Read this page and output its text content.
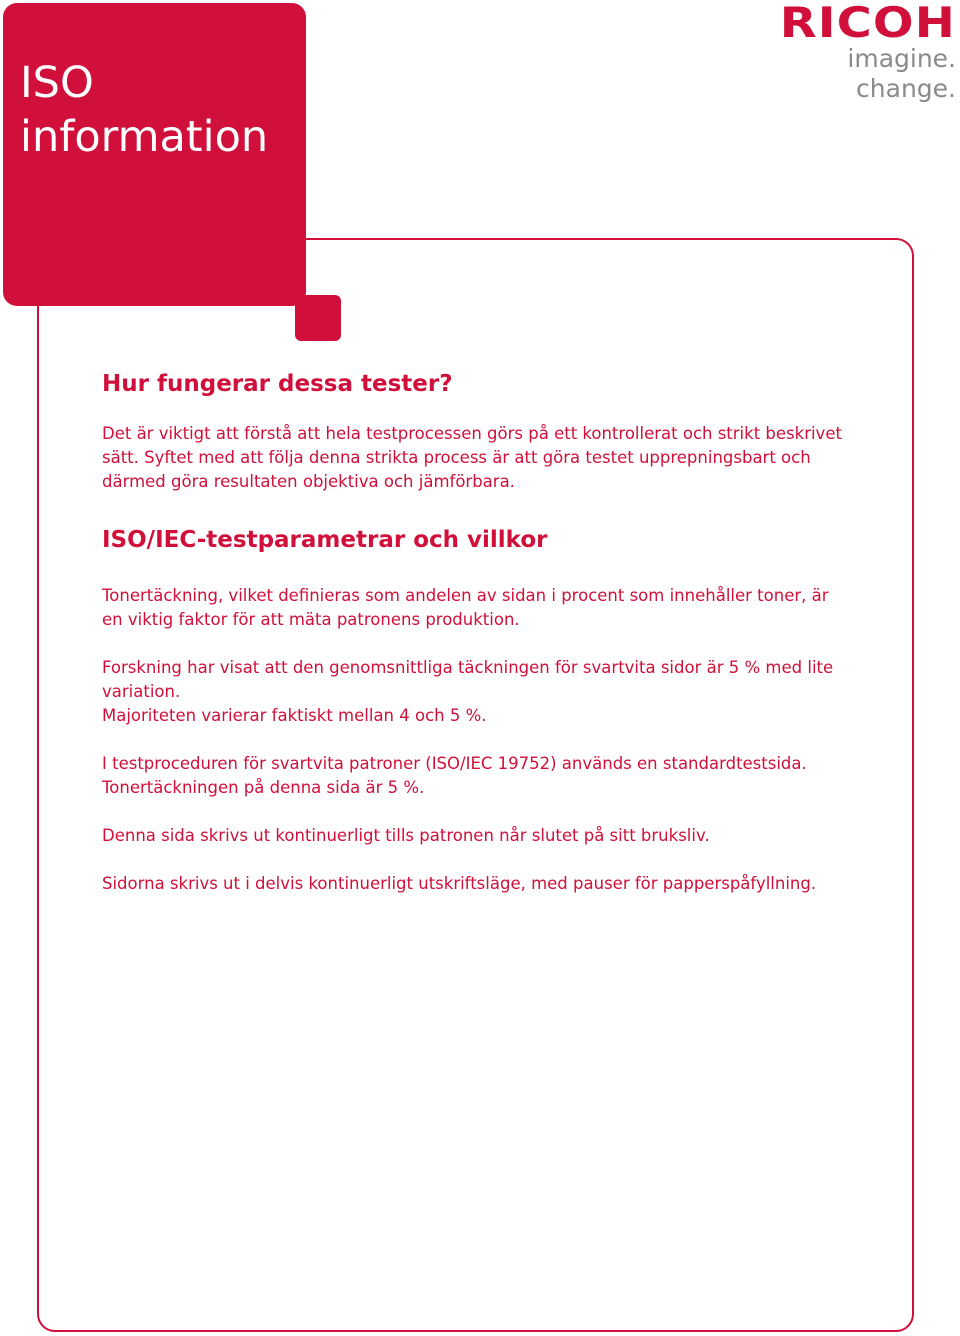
ISO
information
RICOH
imagine. change.
Hur fungerar dessa tester?

Det är viktigt att förstå att hela testprocessen görs på ett kontrollerat och strikt beskrivet sätt. Syftet med att följa denna strikta process är att göra testet upprepningsbart och därmed göra resultaten objektiva och jämförbara.

ISO/IEC-testparametrar och villkor

Tonertäckning, vilket definieras som andelen av sidan i procent som innehåller toner, är en viktig faktor för att mäta patronens produktion.

Forskning har visat att den genomsnittliga täckningen för svartvita sidor är 5 % med lite variation.

Majoriteten varierar faktiskt mellan 4 och 5 %.

I testproceduren för svartvita patroner (ISO/IEC 19752) används en standardtestsida.

Tonertäckningen på denna sida är 5 %.

Denna sida skrivs ut kontinuerligt tills patronen når slutet på sitt bruksliv.

Sidorna skrivs ut i delvis kontinuerligt utskriftsläge, med pauser för papperspåfyllning.
